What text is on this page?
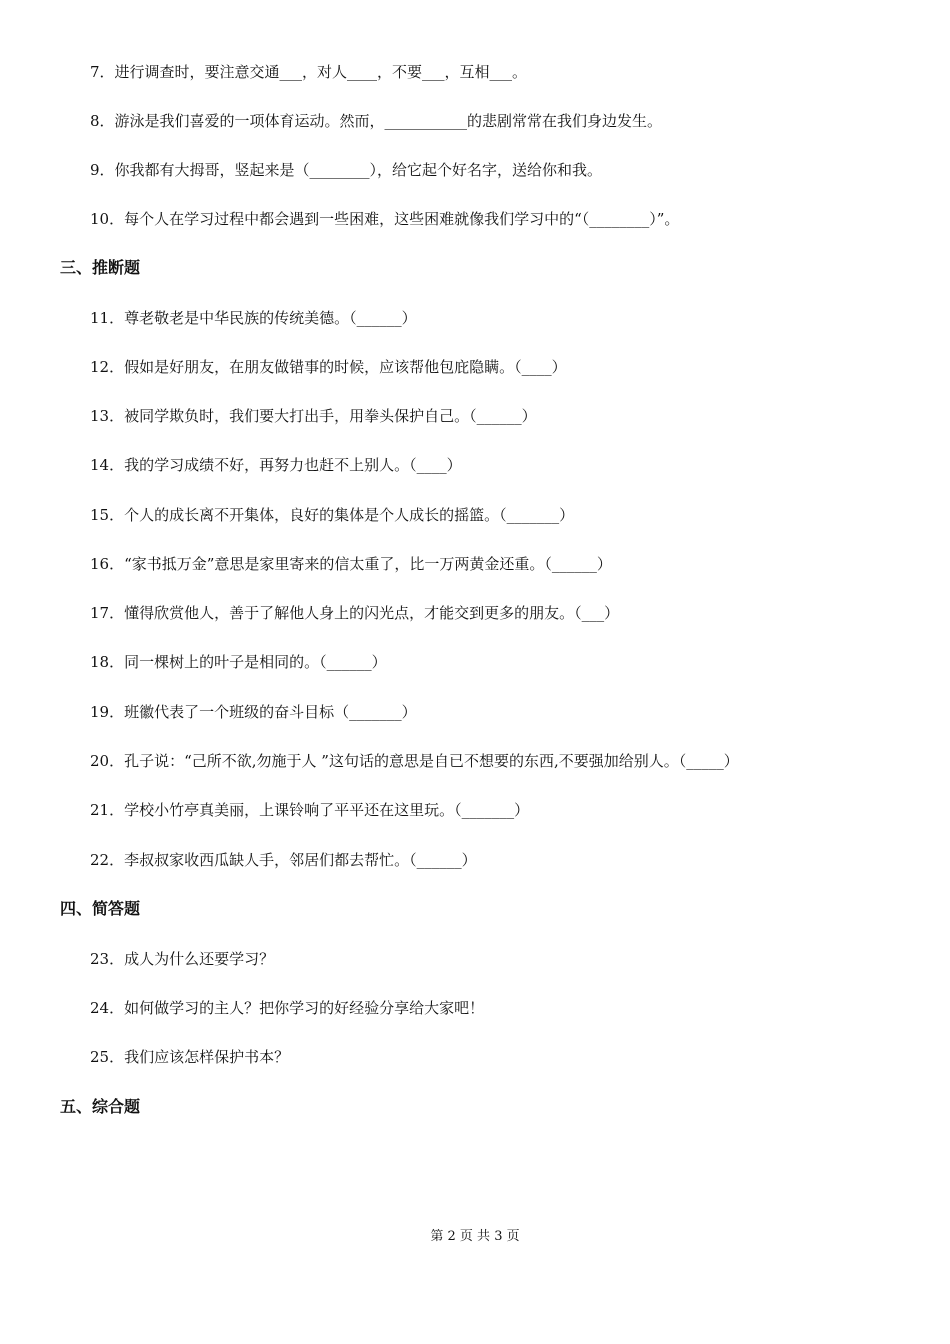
7．进行调查时，要注意交通___，对人____，不要___，互相___。
8．游泳是我们喜爱的一项体育运动。然而，___________的悲剧常常在我们身边发生。
9．你我都有大拇哥，竖起来是（________），给它起个好名字，送给你和我。
10．每个人在学习过程中都会遇到一些困难，这些困难就像我们学习中的“（________）”。
三、推断题
11．尊老敬老是中华民族的传统美德。（______）
12．假如是好朋友，在朋友做错事的时候，应该帮他包庇隐瞒。（____）
13．被同学欺负时，我们要大打出手，用拳头保护自己。（______）
14．我的学习成绩不好，再努力也赶不上别人。（____）
15．个人的成长离不开集体，良好的集体是个人成长的摇篮。（_______）
16．“家书抵万金”意思是家里寄来的信太重了，比一万两黄金还重。（______）
17．懂得欣赏他人，善于了解他人身上的闪光点，才能交到更多的朋友。（___）
18．同一棵树上的叶子是相同的。（______）
19．班徽代表了一个班级的奋斗目标（_______）
20．孔子说：“己所不欲,勿施于人 ”这句话的意思是自已不想要的东西,不要强加给别人。（_____）
21．学校小竹亭真美丽，上课铃响了平平还在这里玩。（_______）
22．李叔叔家收西瓜缺人手，邻居们都去帮忙。（______）
四、简答题
23．成人为什么还要学习？
24．如何做学习的主人？把你学习的好经验分享给大家吧！
25．我们应该怎样保护书本？
五、综合题
第 2 页 共 3 页
